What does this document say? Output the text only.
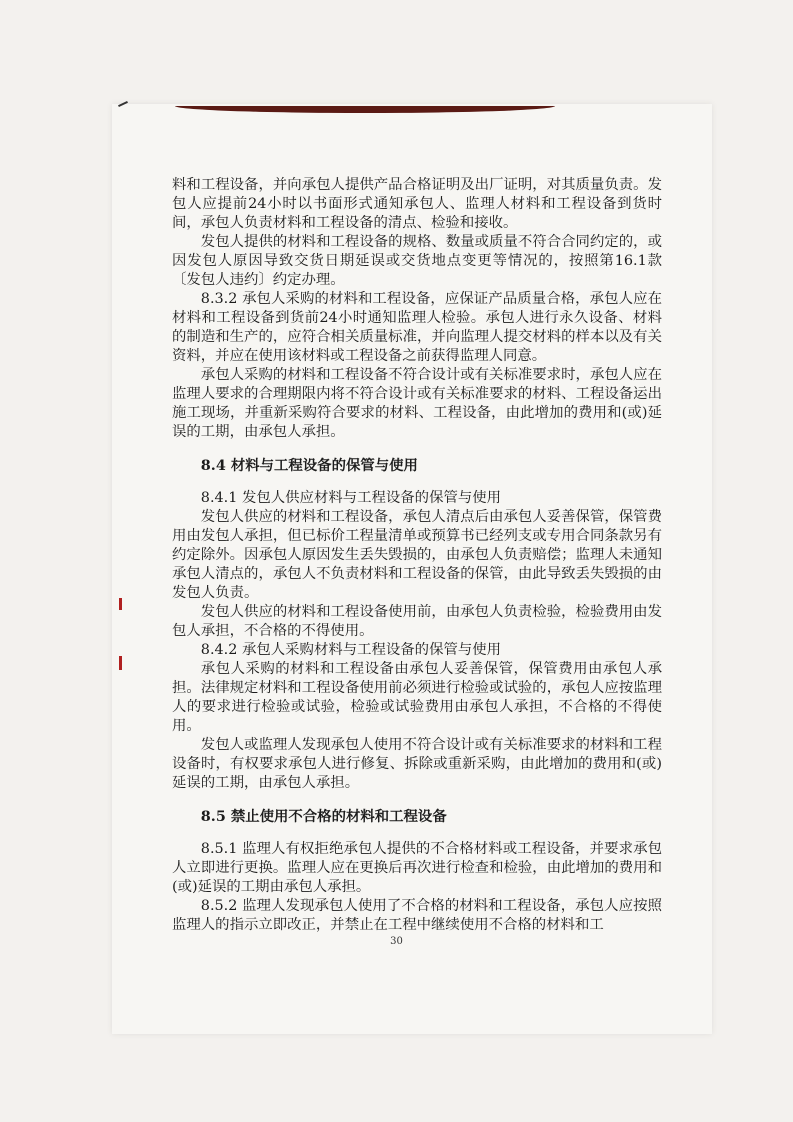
料和工程设备，并向承包人提供产品合格证明及出厂证明，对其质量负责。发包人应提前24小时以书面形式通知承包人、监理人材料和工程设备到货时间，承包人负责材料和工程设备的清点、检验和接收。

发包人提供的材料和工程设备的规格、数量或质量不符合合同约定的，或因发包人原因导致交货日期延误或交货地点变更等情况的，按照第16.1款〔发包人违约〕约定办理。

8.3.2 承包人采购的材料和工程设备，应保证产品质量合格，承包人应在材料和工程设备到货前24小时通知监理人检验。承包人进行永久设备、材料的制造和生产的，应符合相关质量标准，并向监理人提交材料的样本以及有关资料，并应在使用该材料或工程设备之前获得监理人同意。

承包人采购的材料和工程设备不符合设计或有关标准要求时，承包人应在监理人要求的合理期限内将不符合设计或有关标准要求的材料、工程设备运出施工现场，并重新采购符合要求的材料、工程设备，由此增加的费用和(或)延误的工期，由承包人承担。

8.4 材料与工程设备的保管与使用

8.4.1 发包人供应材料与工程设备的保管与使用

发包人供应的材料和工程设备，承包人清点后由承包人妥善保管，保管费用由发包人承担，但已标价工程量清单或预算书已经列支或专用合同条款另有约定除外。因承包人原因发生丢失毁损的，由承包人负责赔偿；监理人未通知承包人清点的，承包人不负责材料和工程设备的保管，由此导致丢失毁损的由发包人负责。

发包人供应的材料和工程设备使用前，由承包人负责检验，检验费用由发包人承担，不合格的不得使用。

8.4.2 承包人采购材料与工程设备的保管与使用

承包人采购的材料和工程设备由承包人妥善保管，保管费用由承包人承担。法律规定材料和工程设备使用前必须进行检验或试验的，承包人应按监理人的要求进行检验或试验，检验或试验费用由承包人承担，不合格的不得使用。

发包人或监理人发现承包人使用不符合设计或有关标准要求的材料和工程设备时，有权要求承包人进行修复、拆除或重新采购，由此增加的费用和(或)延误的工期，由承包人承担。

8.5 禁止使用不合格的材料和工程设备

8.5.1 监理人有权拒绝承包人提供的不合格材料或工程设备，并要求承包人立即进行更换。监理人应在更换后再次进行检查和检验，由此增加的费用和(或)延误的工期由承包人承担。

8.5.2 监理人发现承包人使用了不合格的材料和工程设备，承包人应按照监理人的指示立即改正，并禁止在工程中继续使用不合格的材料和工

30
